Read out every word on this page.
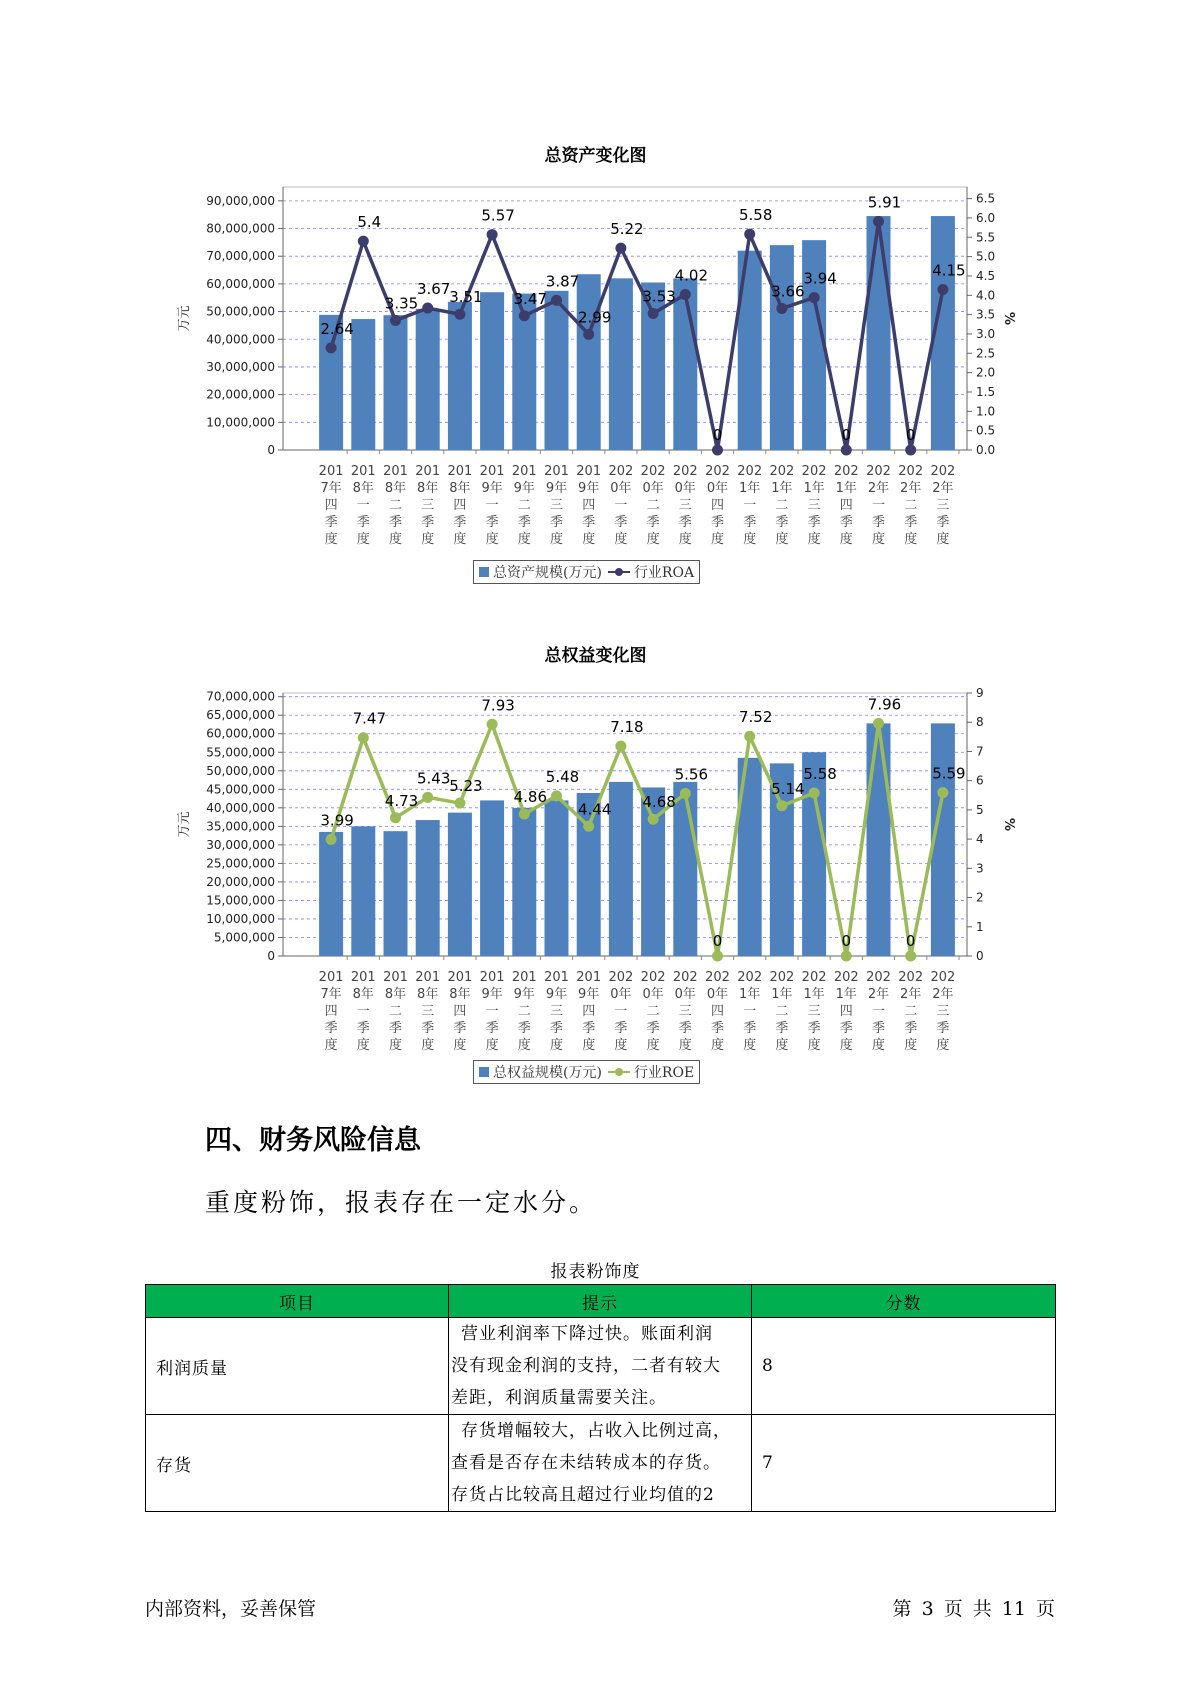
总资产变化图
0
10,000,000
20,000,000
30,000,000
40,000,000
50,000,000
60,000,000
70,000,000
80,000,000
90,000,000
0.0
0.5
1.0
1.5
2.0
2.5
3.0
3.5
4.0
4.5
5.0
5.5
6.0
6.5
万元	%
201 7年四季度
201 8年一季度
201 8年二季度
201 8年三季度
201 8年四季度
201 9年一季度
201 9年二季度
201 9年三季度
201 9年四季度
202 0年一季度
202 0年二季度
202 0年三季度
202 0年四季度
202 1年一季度
202 1年二季度
202 1年三季度
202 1年四季度
202 2年一季度
202 2年二季度
202 2年三季度
2.64
5.4
3.35
3.67
3.51
5.57
3.47
3.87
2.99
5.22
3.53
4.02
0
5.58
3.66
3.94
0
5.91
0
4.15
总资产规模(万元) 行业ROA
总权益变化图
0
5,000,000
10,000,000
15,000,000
20,000,000
25,000,000
30,000,000
35,000,000
40,000,000
45,000,000
50,000,000
55,000,000
60,000,000
65,000,000
70,000,000
0
1
2
3
4
5
6
7
8
9
万元	%
201 7年四季度
201 8年一季度
201 8年二季度
201 8年三季度
201 8年四季度
201 9年一季度
201 9年二季度
201 9年三季度
201 9年四季度
202 0年一季度
202 0年二季度
202 0年三季度
202 0年四季度
202 1年一季度
202 1年二季度
202 1年三季度
202 1年四季度
202 2年一季度
202 2年二季度
202 2年三季度
3.99
7.47
4.73
5.43
5.23
7.93
4.86
5.48
4.44
7.18
4.68
5.56
0
7.52
5.14
5.58
0
7.96
0
5.59
总权益规模(万元) 行业ROE
四、财务风险信息
重度粉饰，报表存在一定水分。
报表粉饰度
项目	提示	分数
利润质量	营业利润率下降过快。账面利润
没有现金利润的支持，二者有较大
差距，利润质量需要关注。	8
存货	存货增幅较大，占收入比例过高，
查看是否存在未结转成本的存货。
存货占比较高且超过行业均值的2	7
内部资料，妥善保管	第 3 页 共 11 页
